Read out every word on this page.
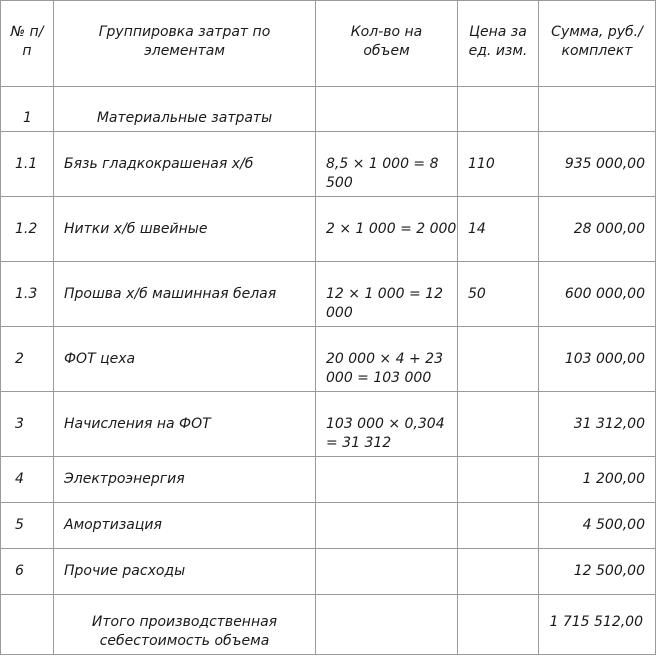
№ п/п	Группировка затрат по элементам	Кол-во на объем	Цена за ед. изм.	Сумма, руб./ комплект
1	Материальные затраты			
1.1	Бязь гладкокрашеная х/б	8,5 × 1 000 = 8 500	110	935 000,00
1.2	Нитки х/б швейные	2 × 1 000 = 2 000	14	28 000,00
1.3	Прошва х/б машинная белая	12 × 1 000 = 12 000	50	600 000,00
2	ФОТ цеха	20 000 × 4 + 23 000 = 103 000		103 000,00
3	Начисления на ФОТ	103 000 × 0,304 = 31 312		31 312,00
4	Электроэнергия			1 200,00
5	Амортизация			4 500,00
6	Прочие расходы			12 500,00
	Итого производственная себестоимость объема			1 715 512,00
